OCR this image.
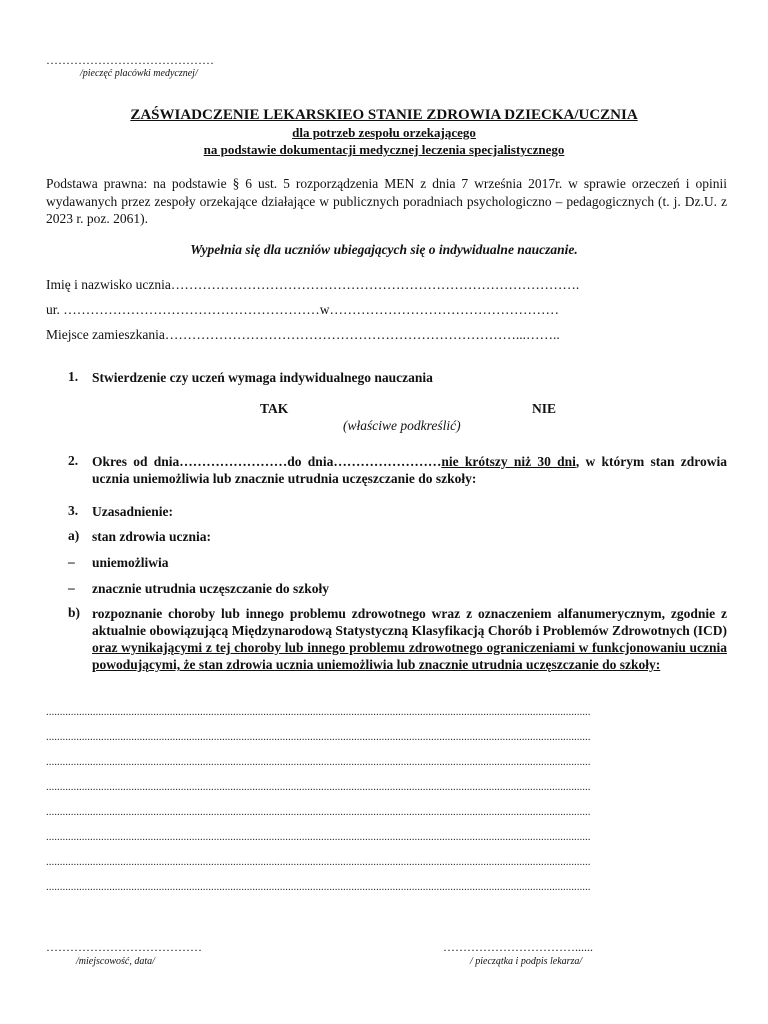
……………………………………
/pieczęć placówki medycznej/
ZAŚWIADCZENIE LEKARSKIEO STANIE ZDROWIA DZIECKA/UCZNIA
dla potrzeb zespołu orzekającego
na podstawie dokumentacji medycznej leczenia specjalistycznego
Podstawa prawna: na podstawie § 6 ust. 5 rozporządzenia MEN z dnia 7 września 2017r. w sprawie orzeczeń i opinii wydawanych przez zespoły orzekające działające w publicznych poradniach psychologiczno – pedagogicznych (t. j. Dz.U. z 2023 r. poz. 2061).
Wypełnia się dla uczniów ubiegających się o indywidualne nauczanie.
Imię i nazwisko ucznia……………………………………………………………………………….
ur. …………………………………………………w……………………………………………
Miejsce zamieszkania……………………………………………………………………...……..
1. Stwierdzenie czy uczeń wymaga indywidualnego nauczania
TAK	NIE
(właściwe podkreślić)
2. Okres od dnia……………………do dnia……………………nie krótszy niż 30 dni, w którym stan zdrowia ucznia uniemożliwia lub znacznie utrudnia uczęszczanie do szkoły:
3. Uzasadnienie:
a) stan zdrowia ucznia:
– uniemożliwia
– znacznie utrudnia uczęszczanie do szkoły
b) rozpoznanie choroby lub innego problemu zdrowotnego wraz z oznaczeniem alfanumerycznym, zgodnie z aktualnie obowiązującą Międzynarodową Statystyczną Klasyfikacją Chorób i Problemów Zdrowotnych (ICD) oraz wynikającymi z tej choroby lub innego problemu zdrowotnego ograniczeniami w funkcjonowaniu ucznia powodującymi, że stan zdrowia ucznia uniemożliwia lub znacznie utrudnia uczęszczanie do szkoły:
......................................................................................................................................................................................................
......................................................................................................................................................................................................
......................................................................................................................................................................................................
......................................................................................................................................................................................................
......................................................................................................................................................................................................
......................................................................................................................................................................................................
......................................................................................................................................................................................................
......................................................................................................................................................................................................
…………………………………
/miejscowość, data/
……………………………......
/ pieczątka i podpis lekarza/
